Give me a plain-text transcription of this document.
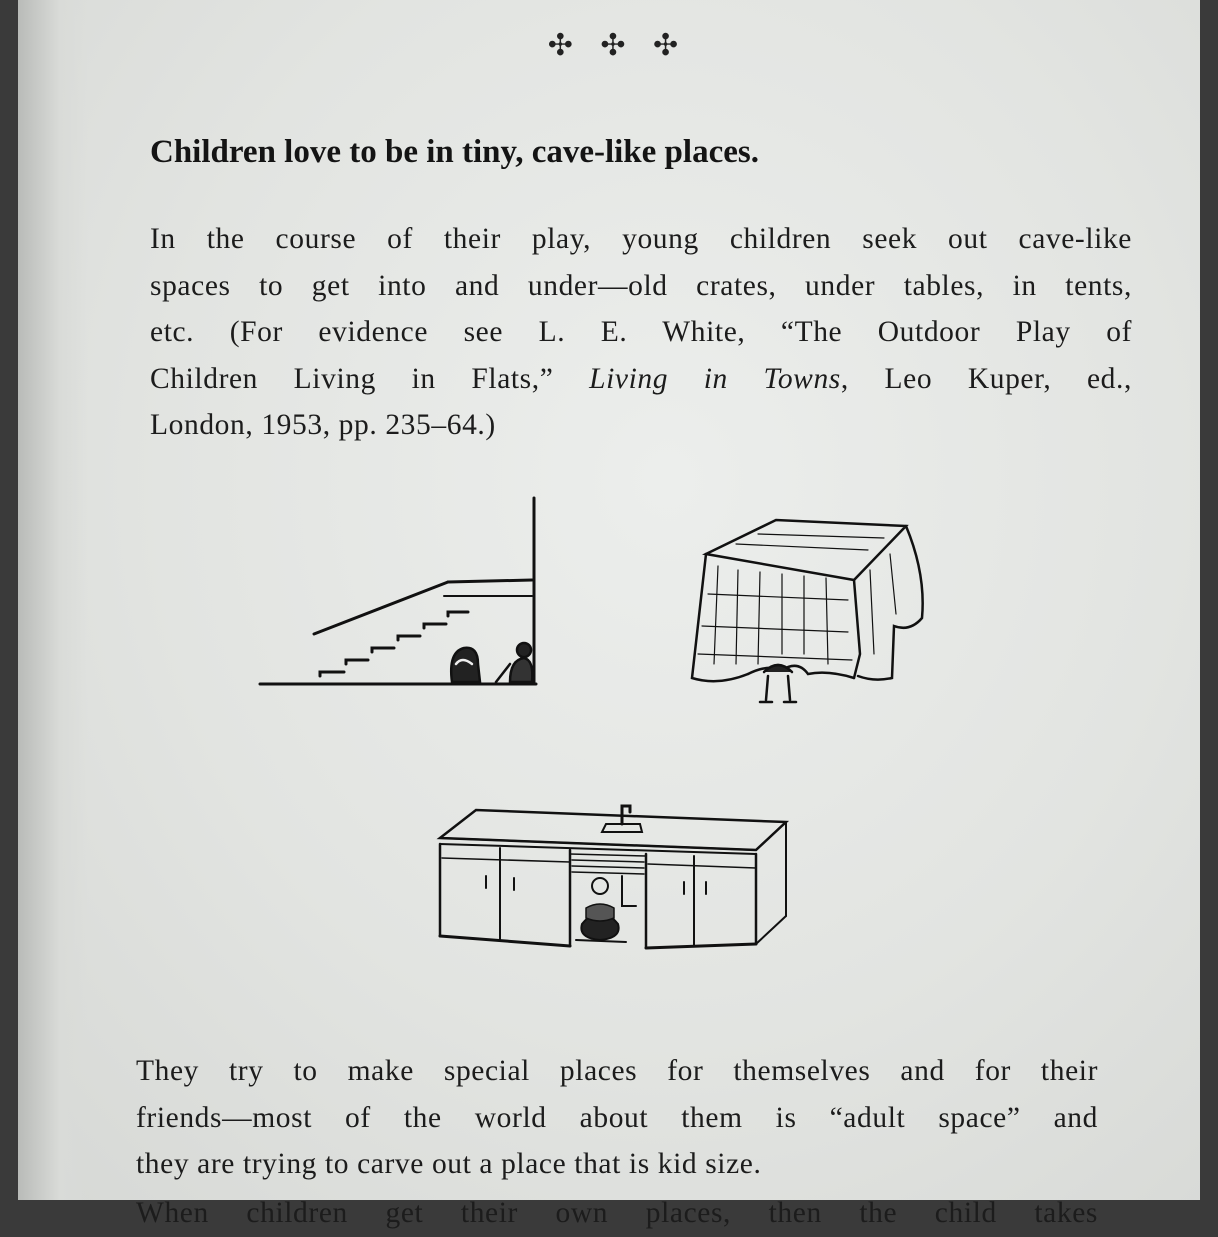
✣ ✣ ✣
Children love to be in tiny, cave-like places.
In the course of their play, young children seek out cave-like
spaces to get into and under—old crates, under tables, in tents,
etc. (For evidence see L. E. White, “The Outdoor Play of
Children Living in Flats,” Living in Towns, Leo Kuper, ed.,
London, 1953, pp. 235–64.)
They try to make special places for themselves and for their
friends—most of the world about them is “adult space” and
they are trying to carve out a place that is kid size.
When children get their own places, then the child takes
